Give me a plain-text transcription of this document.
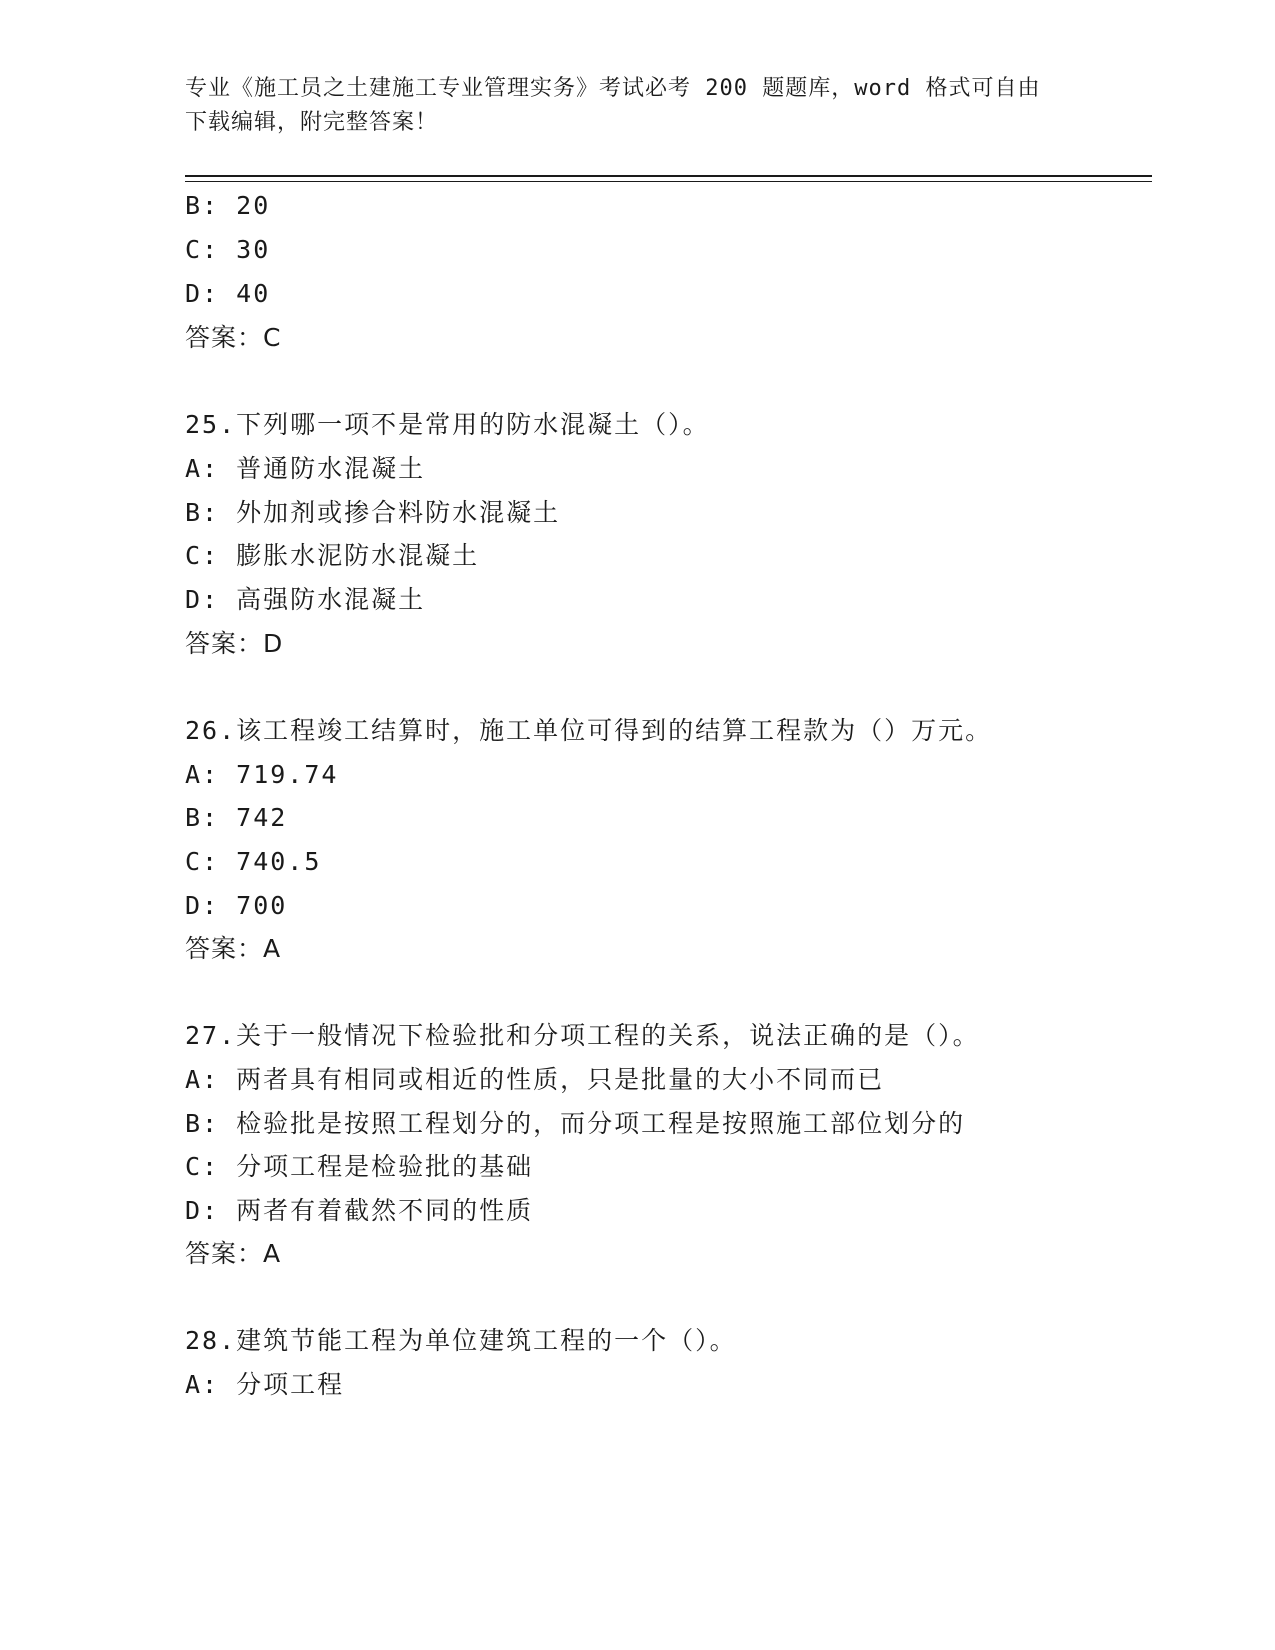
专业《施工员之土建施工专业管理实务》考试必考 200 题题库，word 格式可自由
下载编辑，附完整答案！
B: 20
C: 30
D: 40
答案：C
25.下列哪一项不是常用的防水混凝土（）。
A: 普通防水混凝土
B: 外加剂或掺合料防水混凝土
C: 膨胀水泥防水混凝土
D: 高强防水混凝土
答案：D
26.该工程竣工结算时，施工单位可得到的结算工程款为（）万元。
A: 719.74
B: 742
C: 740.5
D: 700
答案：A
27.关于一般情况下检验批和分项工程的关系，说法正确的是（）。
A: 两者具有相同或相近的性质，只是批量的大小不同而已
B: 检验批是按照工程划分的，而分项工程是按照施工部位划分的
C: 分项工程是检验批的基础
D: 两者有着截然不同的性质
答案：A
28.建筑节能工程为单位建筑工程的一个（）。
A: 分项工程
